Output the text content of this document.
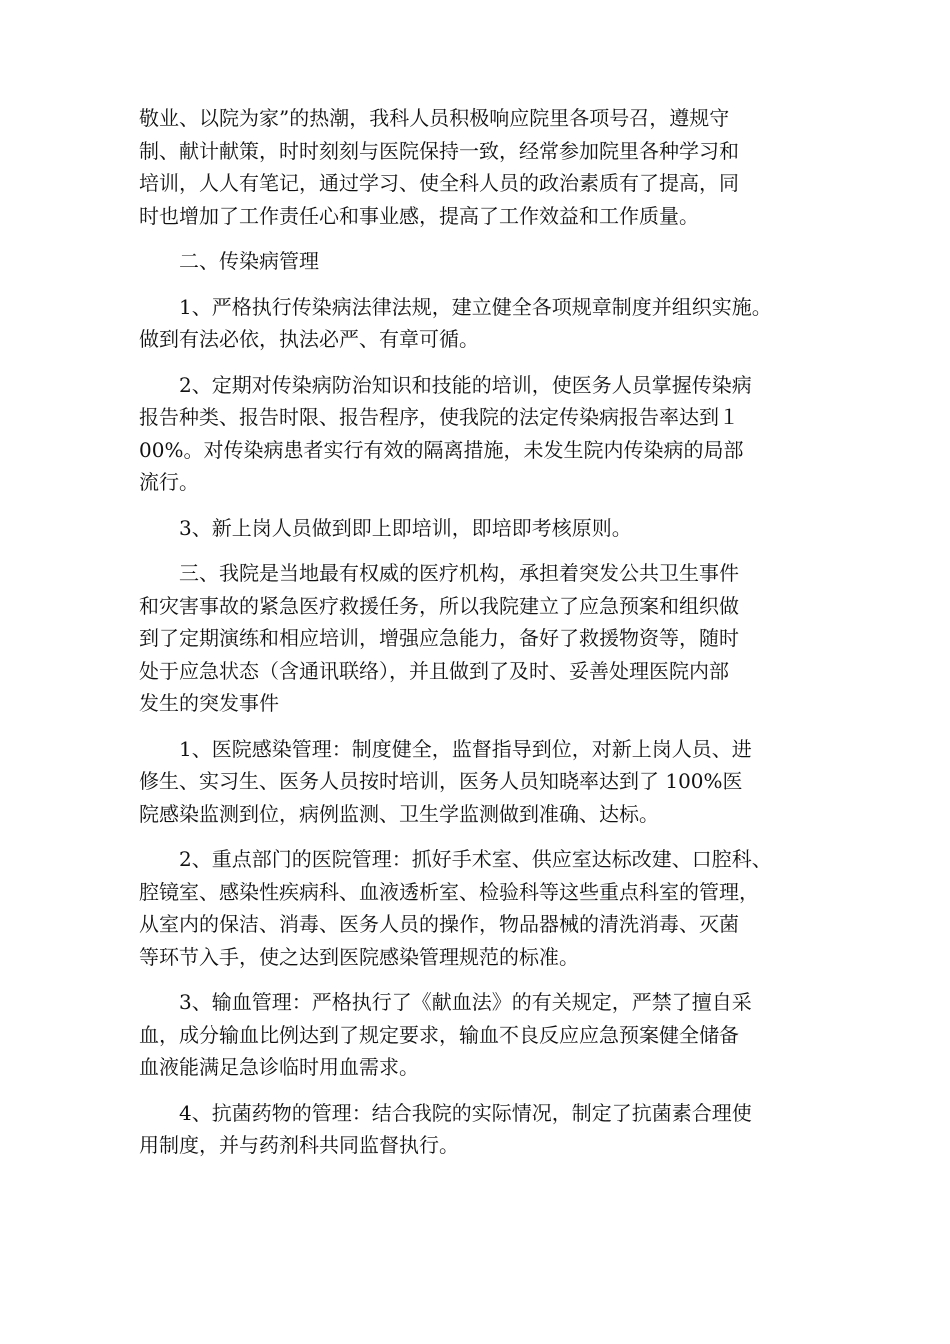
敬业、以院为家”的热潮，我科人员积极响应院里各项号召，遵规守
制、献计献策，时时刻刻与医院保持一致，经常参加院里各种学习和
培训，人人有笔记，通过学习、使全科人员的政治素质有了提高，同
时也增加了工作责任心和事业感，提高了工作效益和工作质量。
　　二、传染病管理
　　1、严格执行传染病法律法规，建立健全各项规章制度并组织实施。
做到有法必依，执法必严、有章可循。
　　2、定期对传染病防治知识和技能的培训，使医务人员掌握传染病
报告种类、报告时限、报告程序，使我院的法定传染病报告率达到１
00%。对传染病患者实行有效的隔离措施，未发生院内传染病的局部
流行。
　　3、新上岗人员做到即上即培训，即培即考核原则。
　　三、我院是当地最有权威的医疗机构，承担着突发公共卫生事件
和灾害事故的紧急医疗救援任务，所以我院建立了应急预案和组织做
到了定期演练和相应培训，增强应急能力，备好了救援物资等，随时
处于应急状态（含通讯联络），并且做到了及时、妥善处理医院内部
发生的突发事件
　　1、医院感染管理：制度健全，监督指导到位，对新上岗人员、进
修生、实习生、医务人员按时培训，医务人员知晓率达到了 100%医
院感染监测到位，病例监测、卫生学监测做到准确、达标。
　　2、重点部门的医院管理：抓好手术室、供应室达标改建、口腔科、
腔镜室、感染性疾病科、血液透析室、检验科等这些重点科室的管理，
从室内的保洁、消毒、医务人员的操作，物品器械的清洗消毒、灭菌
等环节入手，使之达到医院感染管理规范的标准。
　　3、输血管理：严格执行了《献血法》的有关规定，严禁了擅自采
血，成分输血比例达到了规定要求，输血不良反应应急预案健全储备
血液能满足急诊临时用血需求。
　　4、抗菌药物的管理：结合我院的实际情况，制定了抗菌素合理使
用制度，并与药剂科共同监督执行。
